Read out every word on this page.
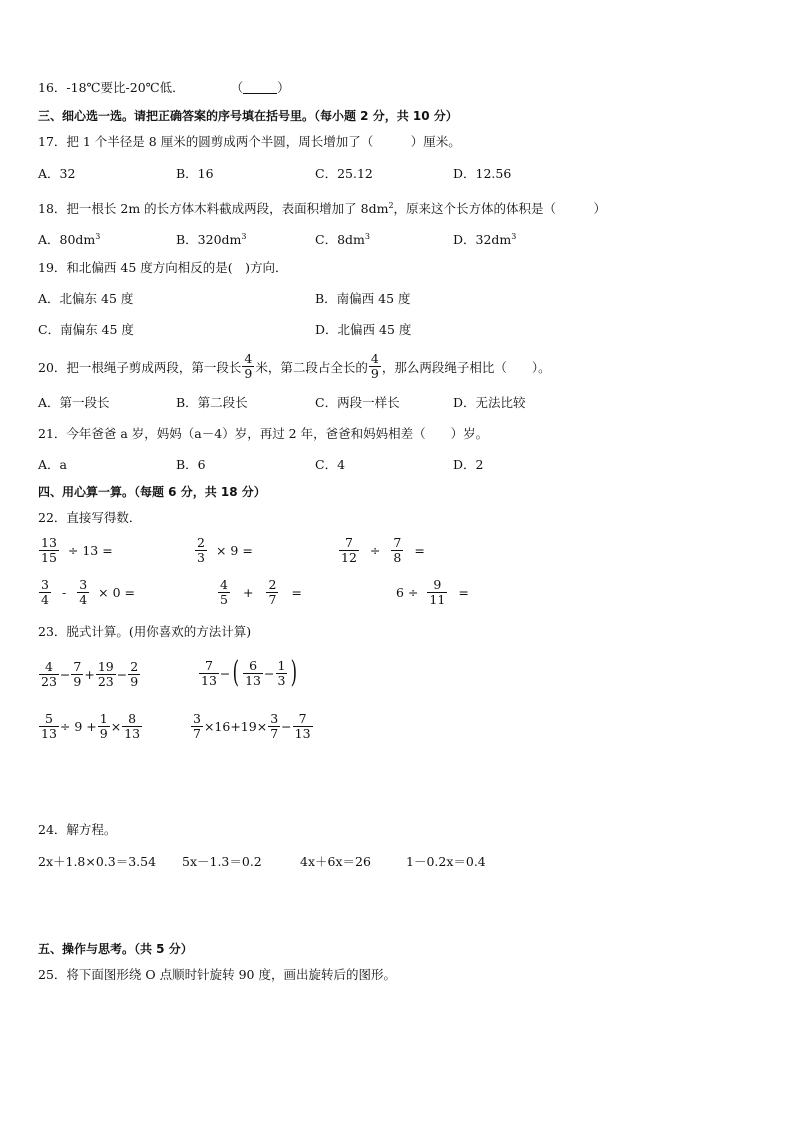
16．-18℃要比-20℃低．	（	）
三、细心选一选。请把正确答案的序号填在括号里。（每小题 2 分，共 10 分）
17．把 1 个半径是 8 厘米的圆剪成两个半圆，周长增加了（　　　）厘米。
A．32	B．16	C．25.12	D．12.56
18．把一根长 2m 的长方体木料截成两段，表面积增加了 $8dm^2$，原来这个长方体的体积是（　　　）
A．$80dm^3$	B．$320dm^3$	C．$8dm^3$	D．$32dm^3$
19．和北偏西 45 度方向相反的是(　)方向．
A．北偏东 45 度	B．南偏西 45 度
C．南偏东 45 度	D．北偏西 45 度
20．把一根绳子剪成两段，第一段长 $\frac{4}{9}$ 米，第二段占全长的 $\frac{4}{9}$ ，那么两段绳子相比（　　）。
A．第一段长	B．第二段长	C．两段一样长	D．无法比较
21．今年爸爸 a 岁，妈妈（a－4）岁，再过 2 年，爸爸和妈妈相差（　　）岁。
A．a	B．6	C．4	D．2
四、用心算一算。（每题 6 分，共 18 分）
22．直接写得数．
$\frac{13}{15} \div 13$ =	$\frac{2}{3} \times 9$ =	$\frac{7}{12} \div \frac{7}{8}$ =
$\frac{3}{4} - \frac{3}{4} \times 0$ =	$\frac{4}{5} + \frac{2}{7}$ =	$6 \div \frac{9}{11}$ =
23．脱式计算。(用你喜欢的方法计算)
$\frac{4}{23} - \frac{7}{9} + \frac{19}{23} - \frac{2}{9}$	$\frac{7}{13}$ − ( $\frac{6}{13} - \frac{1}{3}$ )
$\frac{5}{13} \div 9 + \frac{1}{9} \times \frac{8}{13}$	$\frac{3}{7} \times 16+19\times \frac{3}{7} - \frac{7}{13}$
24．解方程。
2x＋1.8×0.3＝3.54 5x－1.3＝0.2	4x＋6x＝26	1－0.2x＝0.4
五、操作与思考。（共 5 分）
25．将下面图形绕 O 点顺时针旋转 90 度，画出旋转后的图形。
